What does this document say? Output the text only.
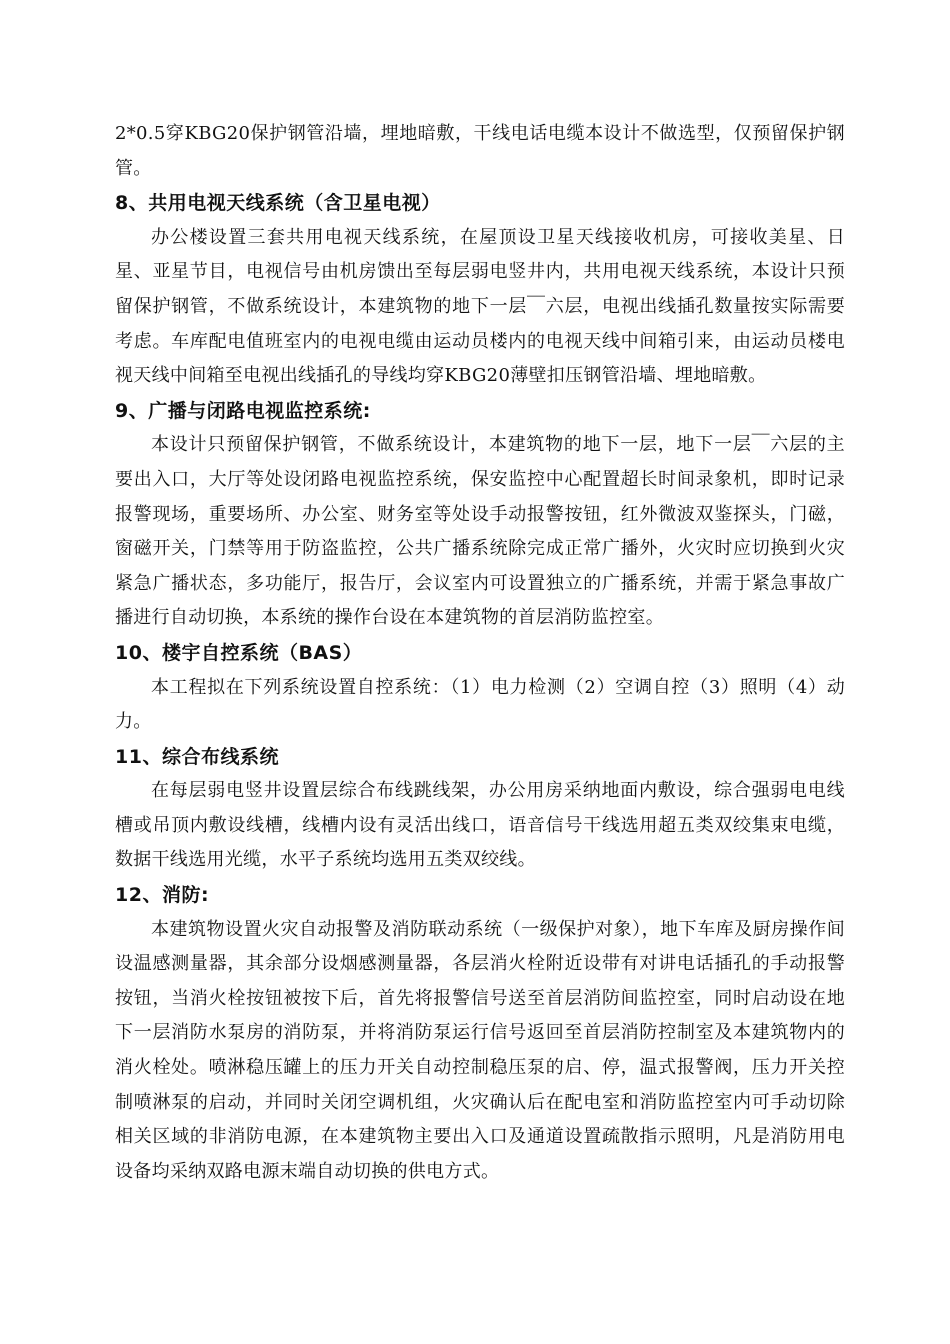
2*0.5穿KBG20保护钢管沿墙，埋地暗敷，干线电话电缆本设计不做选型，仅预留保护钢管。

8、共用电视天线系统（含卫星电视）

办公楼设置三套共用电视天线系统，在屋顶设卫星天线接收机房，可接收美星、日星、亚星节目，电视信号由机房馈出至每层弱电竖井内，共用电视天线系统，本设计只预留保护钢管，不做系统设计，本建筑物的地下一层￣六层，电视出线插孔数量按实际需要考虑。车库配电值班室内的电视电缆由运动员楼内的电视天线中间箱引来，由运动员楼电视天线中间箱至电视出线插孔的导线均穿KBG20薄壁扣压钢管沿墙、埋地暗敷。

9、广播与闭路电视监控系统:

本设计只预留保护钢管，不做系统设计，本建筑物的地下一层，地下一层￣六层的主要出入口，大厅等处设闭路电视监控系统，保安监控中心配置超长时间录象机，即时记录报警现场，重要场所、办公室、财务室等处设手动报警按钮，红外微波双鉴探头，门磁，窗磁开关，门禁等用于防盗监控，公共广播系统除完成正常广播外，火灾时应切换到火灾紧急广播状态，多功能厅，报告厅，会议室内可设置独立的广播系统，并需于紧急事故广播进行自动切换，本系统的操作台设在本建筑物的首层消防监控室。

10、楼宇自控系统（BAS）

本工程拟在下列系统设置自控系统：（1）电力检测（2）空调自控（3）照明（4）动力。

11、综合布线系统

在每层弱电竖井设置层综合布线跳线架，办公用房采纳地面内敷设，综合强弱电电线槽或吊顶内敷设线槽，线槽内设有灵活出线口，语音信号干线选用超五类双绞集束电缆，数据干线选用光缆，水平子系统均选用五类双绞线。

12、消防:

本建筑物设置火灾自动报警及消防联动系统（一级保护对象），地下车库及厨房操作间设温感测量器，其余部分设烟感测量器，各层消火栓附近设带有对讲电话插孔的手动报警按钮，当消火栓按钮被按下后，首先将报警信号送至首层消防间监控室，同时启动设在地下一层消防水泵房的消防泵，并将消防泵运行信号返回至首层消防控制室及本建筑物内的消火栓处。喷淋稳压罐上的压力开关自动控制稳压泵的启、停，温式报警阀，压力开关控制喷淋泵的启动，并同时关闭空调机组，火灾确认后在配电室和消防监控室内可手动切除相关区域的非消防电源，在本建筑物主要出入口及通道设置疏散指示照明，凡是消防用电设备均采纳双路电源末端自动切换的供电方式。
